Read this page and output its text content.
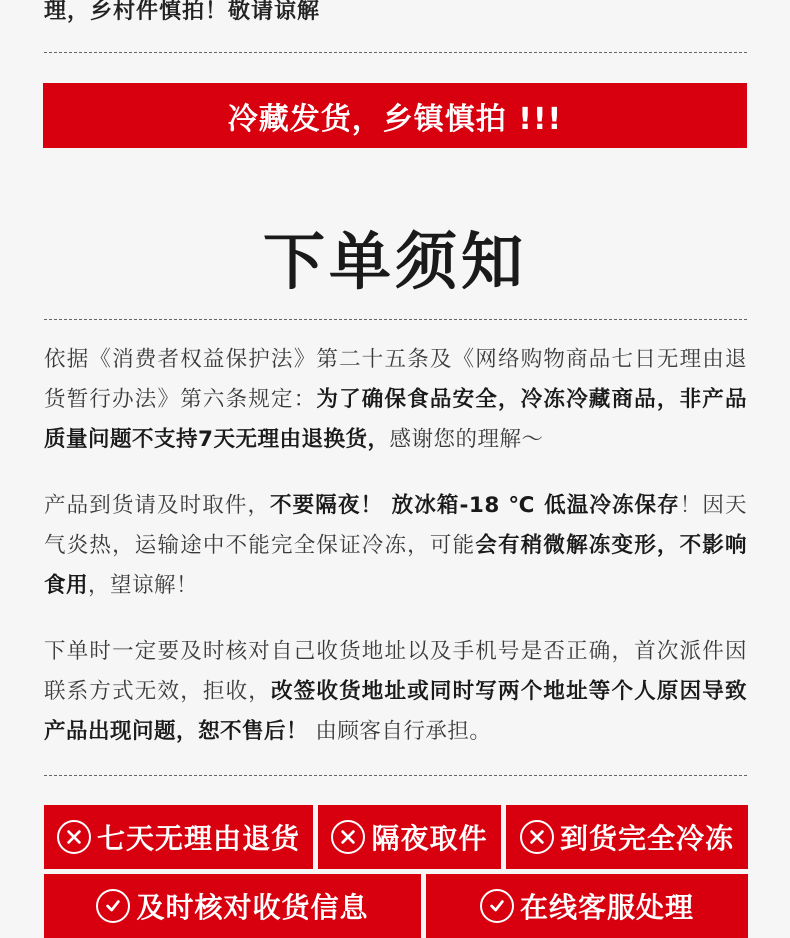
理，乡村件慎拍！敬请谅解
冷藏发货，乡镇慎拍 !!!
下单须知
依据《消费者权益保护法》第二十五条及《网络购物商品七日无理由退货暂行办法》第六条规定：为了确保食品安全，冷冻冷藏商品，非产品质量问题不支持7天无理由退换货，感谢您的理解～
产品到货请及时取件，不要隔夜！ 放冰箱-18 ℃ 低温冷冻保存！因天气炎热，运输途中不能完全保证冷冻，可能会有稍微解冻变形，不影响食用，望谅解！
下单时一定要及时核对自己收货地址以及手机号是否正确，首次派件因联系方式无效，拒收，改签收货地址或同时写两个地址等个人原因导致产品出现问题，恕不售后！ 由顾客自行承担。
七天无理由退货	隔夜取件	到货完全冷冻
及时核对收货信息	在线客服处理
